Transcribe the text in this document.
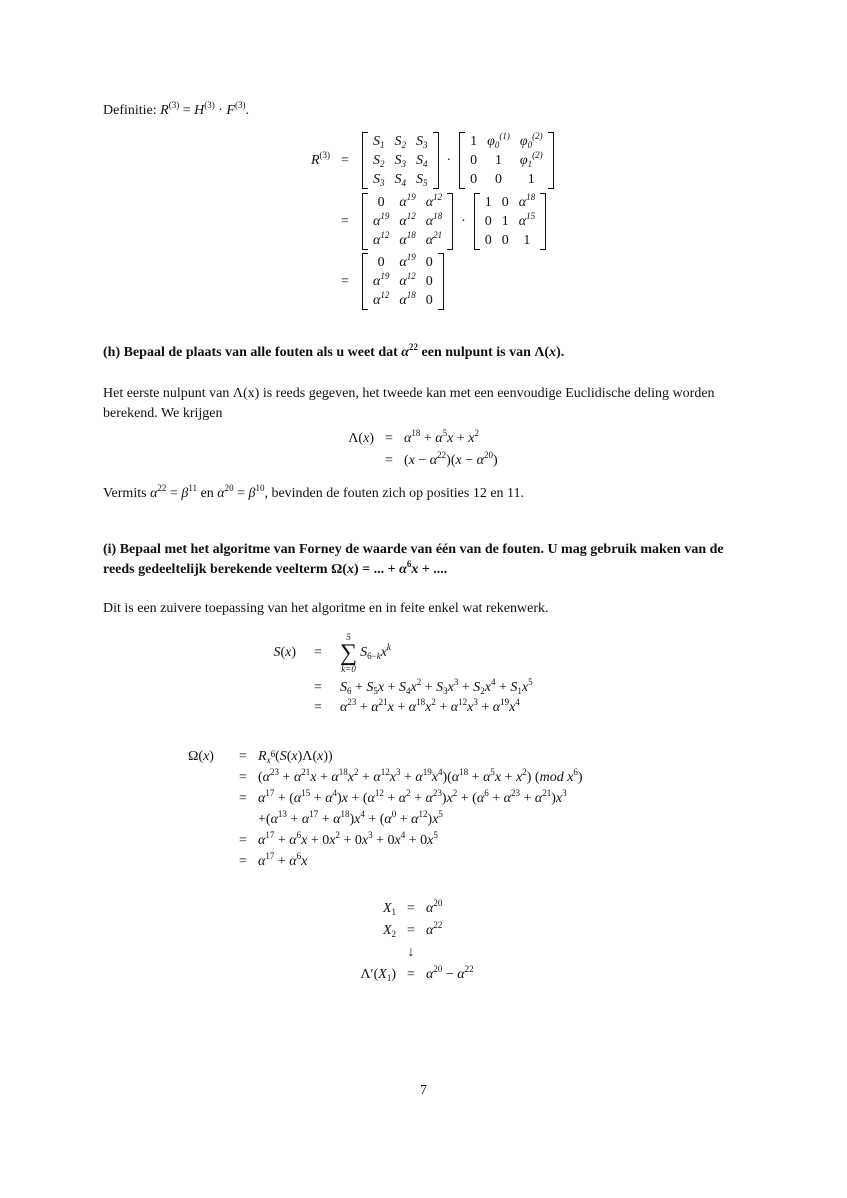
Definitie: $R^{(3)} = H^{(3)} \cdot F^{(3)}$.
$R^{(3)}$ =
$S_1$	$S_2$	$S_3$
$S_2$	$S_3$	$S_4$
$S_3$	$S_4$	$S_5$
·
1	$\varphi_0^{(1)}$	$\varphi_0^{(2)}$
0	1	$\varphi_1^{(2)}$
0	0	1
=
0	$\alpha^{19}$	$\alpha^{12}$
$\alpha^{19}$	$\alpha^{12}$	$\alpha^{18}$
$\alpha^{12}$	$\alpha^{18}$	$\alpha^{21}$
·
1	0	$\alpha^{18}$
0	1	$\alpha^{15}$
0	0	1
=
0	$\alpha^{19}$	0
$\alpha^{19}$	$\alpha^{12}$	0
$\alpha^{12}$	$\alpha^{18}$	0
(h) Bepaal de plaats van alle fouten als u weet dat $\alpha^{22}$ een nulpunt is van Λ(x).
Het eerste nulpunt van Λ(x) is reeds gegeven, het tweede kan met een eenvoudige Euclidische deling worden berekend. We krijgen
$\Lambda(x) = \alpha^{18} + \alpha^5x + x^2$
= $(x - \alpha^{22})(x - \alpha^{20})$
Vermits $\alpha^{22} = \beta^{11}$ en $\alpha^{20} = \beta^{10}$, bevinden de fouten zich op posities 12 en 11.
(i) Bepaal met het algoritme van Forney de waarde van één van de fouten. U mag gebruik maken van de reeds gedeeltelijk berekende veelterm Ω(x) = ... + $\alpha^6x$ + ....
Dit is een zuivere toepassing van het algoritme en in feite enkel wat rekenwerk.
S(x)	=
5
∑
k=0
$S_{6-k}x^k$
=	$S_6 + S_5x + S_4x^2 + S_3x^3 + S_2x^4 + S_1x^5$
=	$\alpha^{23} + \alpha^{21}x + \alpha^{18}x^2 + \alpha^{12}x^3 + \alpha^{19}x^4$
Ω(x)	= $R_{x^6}(S(x)\Lambda(x))$
= $(\alpha^{23} + \alpha^{21}x + \alpha^{18}x^2 + \alpha^{12}x^3 + \alpha^{19}x^4)(\alpha^{18} + \alpha^5x + x^2)$ (mod $x^6$)
= $\alpha^{17} + (\alpha^{15} + \alpha^4)x + (\alpha^{12} + \alpha^2 + \alpha^{23})x^2 + (\alpha^6 + \alpha^{23} + \alpha^{21})x^3$
$+(\alpha^{13} + \alpha^{17} + \alpha^{18})x^4 + (\alpha^0 + \alpha^{12})x^5$
= $\alpha^{17} + \alpha^6x + 0x^2 + 0x^3 + 0x^4 + 0x^5$
= $\alpha^{17} + \alpha^6x$
$X_1 = \alpha^{20}$
$X_2 = \alpha^{22}$
↓
$\Lambda'(X_1) = \alpha^{20} - \alpha^{22}$
7
